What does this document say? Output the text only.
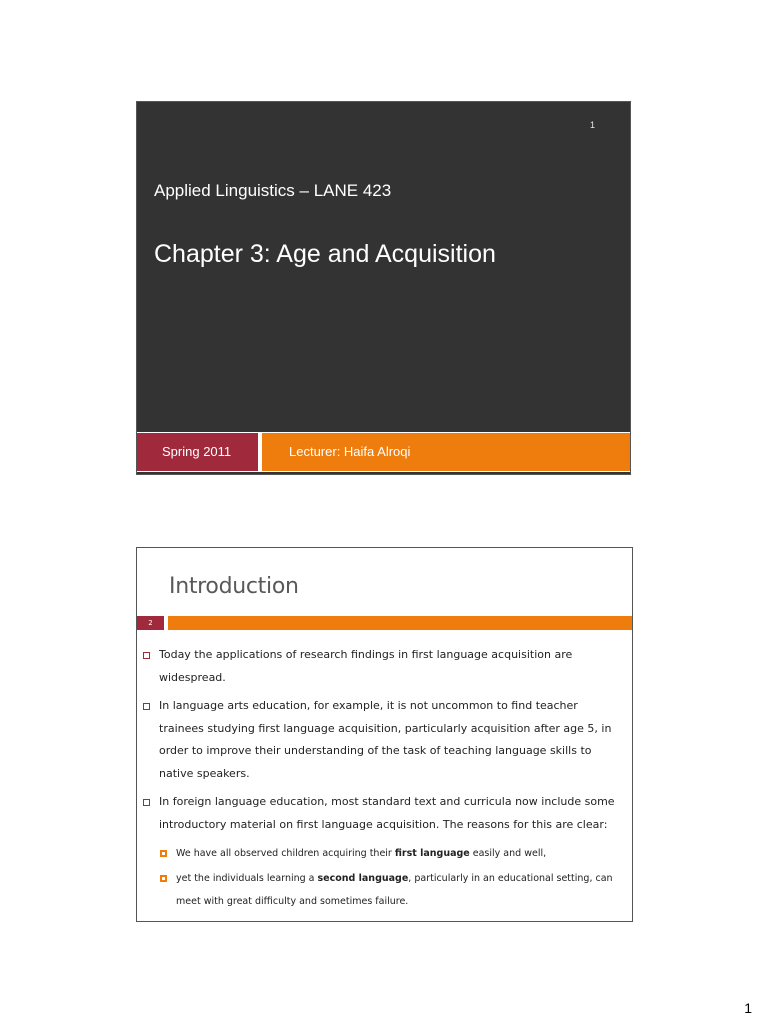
1
Applied Linguistics – LANE 423
Chapter 3: Age and Acquisition
Spring 2011	Lecturer: Haifa Alroqi
Introduction
2
Today the applications of research findings in first language acquisition are widespread.
In language arts education, for example, it is not uncommon to find teacher trainees studying first language acquisition, particularly acquisition after age 5, in order to improve their understanding of the task of teaching language skills to native speakers.
In foreign language education, most standard text and curricula now include some introductory material on first language acquisition. The reasons for this are clear:
We have all observed children acquiring their first language easily and well,
yet the individuals learning a second language, particularly in an educational setting, can meet with great difficulty and sometimes failure.
1
